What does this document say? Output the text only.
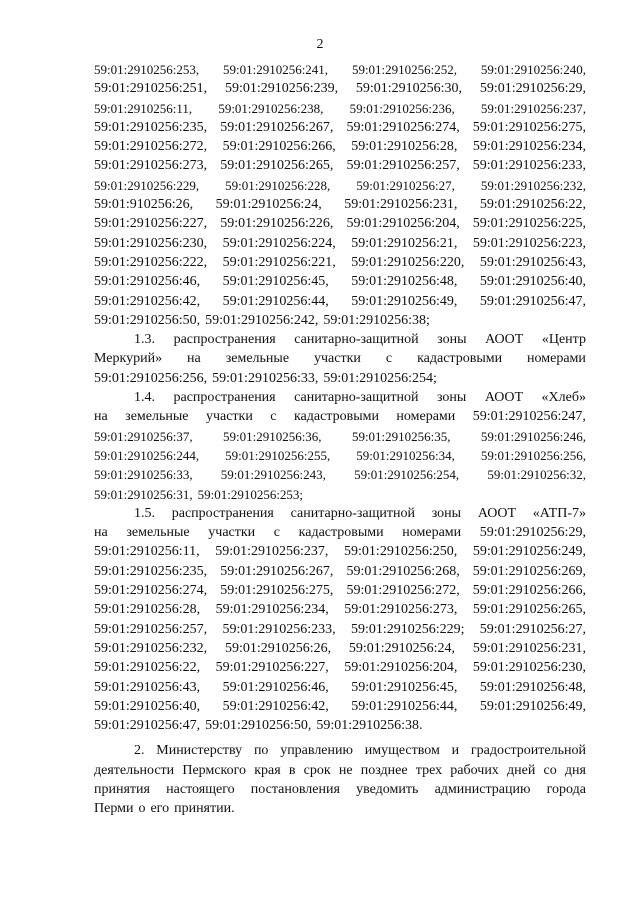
2
59:01:2910256:253, 59:01:2910256:241, 59:01:2910256:252, 59:01:2910256:240,
59:01:2910256:251, 59:01:2910256:239, 59:01:2910256:30, 59:01:2910256:29,
59:01:2910256:11, 59:01:2910256:238, 59:01:2910256:236, 59:01:2910256:237,
59:01:2910256:235, 59:01:2910256:267, 59:01:2910256:274, 59:01:2910256:275,
59:01:2910256:272, 59:01:2910256:266, 59:01:2910256:28, 59:01:2910256:234,
59:01:2910256:273, 59:01:2910256:265, 59:01:2910256:257, 59:01:2910256:233,
59:01:2910256:229, 59:01:2910256:228, 59:01:2910256:27, 59:01:2910256:232,
59:01:910256:26, 59:01:2910256:24, 59:01:2910256:231, 59:01:2910256:22,
59:01:2910256:227, 59:01:2910256:226, 59:01:2910256:204, 59:01:2910256:225,
59:01:2910256:230, 59:01:2910256:224, 59:01:2910256:21, 59:01:2910256:223,
59:01:2910256:222, 59:01:2910256:221, 59:01:2910256:220, 59:01:2910256:43,
59:01:2910256:46, 59:01:2910256:45, 59:01:2910256:48, 59:01:2910256:40,
59:01:2910256:42, 59:01:2910256:44, 59:01:2910256:49, 59:01:2910256:47,
59:01:2910256:50, 59:01:2910256:242, 59:01:2910256:38;
1.3. распространения санитарно-защитной зоны АООТ «Центр
Меркурий» на земельные участки с кадастровыми номерами
59:01:2910256:256, 59:01:2910256:33, 59:01:2910256:254;
1.4. распространения санитарно-защитной зоны АООТ «Хлеб»
на земельные участки с кадастровыми номерами 59:01:2910256:247,
59:01:2910256:37, 59:01:2910256:36, 59:01:2910256:35, 59:01:2910256:246,
59:01:2910256:244, 59:01:2910256:255, 59:01:2910256:34, 59:01:2910256:256,
59:01:2910256:33, 59:01:2910256:243, 59:01:2910256:254, 59:01:2910256:32,
59:01:2910256:31, 59:01:2910256:253;
1.5. распространения санитарно-защитной зоны АООТ «АТП-7»
на земельные участки с кадастровыми номерами 59:01:2910256:29,
59:01:2910256:11, 59:01:2910256:237, 59:01:2910256:250, 59:01:2910256:249,
59:01:2910256:235, 59:01:2910256:267, 59:01:2910256:268, 59:01:2910256:269,
59:01:2910256:274, 59:01:2910256:275, 59:01:2910256:272, 59:01:2910256:266,
59:01:2910256:28, 59:01:2910256:234, 59:01:2910256:273, 59:01:2910256:265,
59:01:2910256:257, 59:01:2910256:233, 59:01:2910256:229; 59:01:2910256:27,
59:01:2910256:232, 59:01:2910256:26, 59:01:2910256:24, 59:01:2910256:231,
59:01:2910256:22, 59:01:2910256:227, 59:01:2910256:204, 59:01:2910256:230,
59:01:2910256:43, 59:01:2910256:46, 59:01:2910256:45, 59:01:2910256:48,
59:01:2910256:40, 59:01:2910256:42, 59:01:2910256:44, 59:01:2910256:49,
59:01:2910256:47, 59:01:2910256:50, 59:01:2910256:38.
2. Министерству по управлению имуществом и градостроительной
деятельности Пермского края в срок не позднее трех рабочих дней со дня
принятия настоящего постановления уведомить администрацию города
Перми о его принятии.
